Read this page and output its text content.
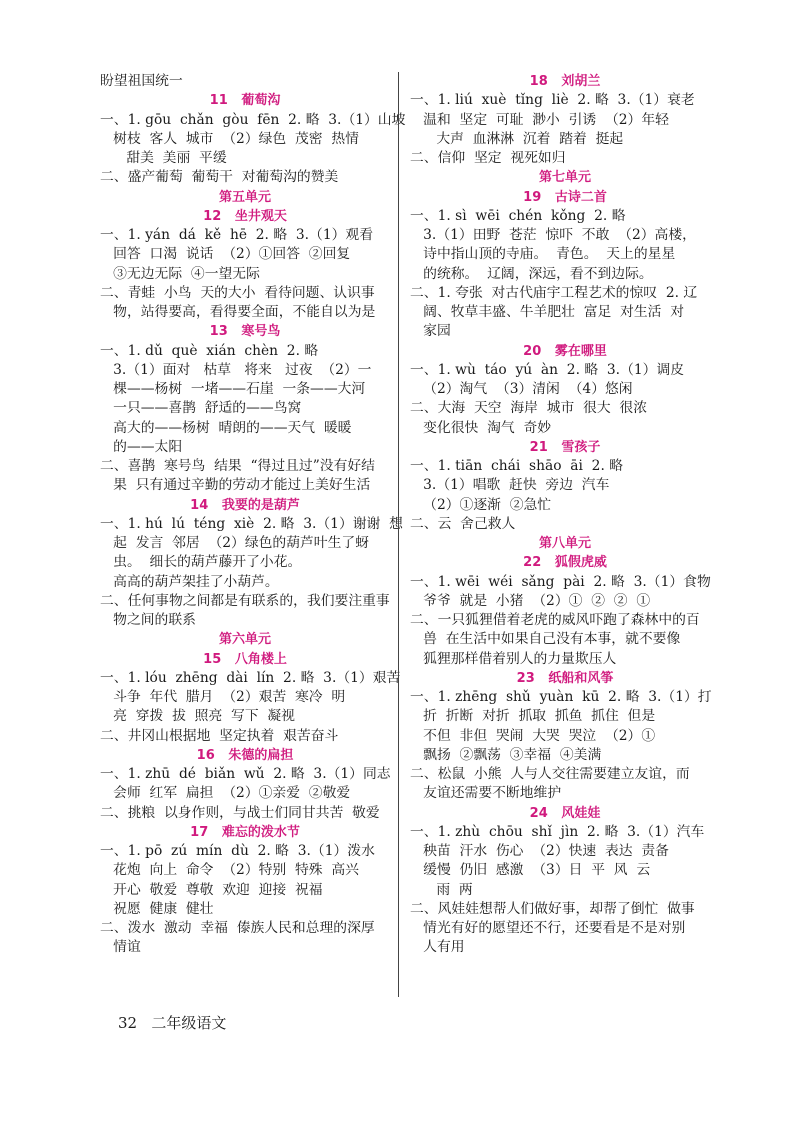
盼望祖国统一
11   葡萄沟
一、1. gōu  chǎn  gòu  fēn  2. 略  3.（1）山坡
树枝  客人  城市  （2）绿色  茂密  热情
甜美  美丽  平缓
二、盛产葡萄  葡萄干  对葡萄沟的赞美
第五单元
12   坐井观天
一、1. yán  dá  kě  hē  2. 略  3.（1）观看
回答  口渴  说话  （2）①回答  ②回复
③无边无际  ④一望无际
二、青蛙  小鸟  天的大小  看待问题、认识事
物，站得要高，看得要全面，不能自以为是
13   寒号鸟
一、1. dǔ  què  xián  chèn  2. 略
3.（1）面对   枯草   将来   过夜  （2）一
棵——杨树  一堵——石崖  一条——大河
一只——喜鹊  舒适的——鸟窝
高大的——杨树  晴朗的——天气  暖暖
的——太阳
二、喜鹊  寒号鸟  结果  “得过且过”没有好结
果  只有通过辛勤的劳动才能过上美好生活
14   我要的是葫芦
一、1. hú  lú  téng  xiè  2. 略  3.（1）谢谢  想
起  发言  邻居  （2）绿色的葫芦叶生了蚜
虫。  细长的葫芦藤开了小花。
高高的葫芦架挂了小葫芦。
二、任何事物之间都是有联系的，我们要注重事
物之间的联系
第六单元
15   八角楼上
一、1. lóu  zhēng  dài  lín  2. 略  3.（1）艰苦
斗争  年代  腊月  （2）艰苦  寒冷  明
亮  穿拨  拔  照亮  写下  凝视
二、井冈山根据地  坚定执着  艰苦奋斗
16   朱德的扁担
一、1. zhū  dé  biǎn  wǔ  2. 略  3.（1）同志
会师  红军  扁担  （2）①亲爱  ②敬爱
二、挑粮  以身作则，与战士们同甘共苦  敬爱
17   难忘的泼水节
一、1. pō  zú  mín  dù  2. 略  3.（1）泼水
花炮  向上  命令  （2）特别  特殊  高兴
开心  敬爱  尊敬  欢迎  迎接  祝福
祝愿  健康  健壮
二、泼水  激动  幸福  傣族人民和总理的深厚
情谊
18   刘胡兰
一、1. liú  xuè  tǐng  liè  2. 略  3.（1）衰老
温和  坚定  可耻  渺小  引诱  （2）年轻
大声  血淋淋  沉着  踏着  挺起
二、信仰  坚定  视死如归
第七单元
19   古诗二首
一、1. sì  wēi  chén  kǒng  2. 略
3.（1）田野  苍茫  惊吓  不敢  （2）高楼，
诗中指山顶的寺庙。  青色。  天上的星星
的统称。  辽阔，深远，看不到边际。
二、1. 夸张  对古代庙宇工程艺术的惊叹  2. 辽
阔、牧草丰盛、牛羊肥壮  富足  对生活  对
家园
20   雾在哪里
一、1. wù  táo  yú  àn  2. 略  3.（1）调皮
（2）淘气  （3）清闲  （4）悠闲
二、大海  天空  海岸  城市  很大  很浓
变化很快  淘气  奇妙
21   雪孩子
一、1. tiān  chái  shāo  āi  2. 略
3.（1）唱歌  赶快  旁边  汽车
（2）①逐渐  ②急忙
二、云  舍己救人
第八单元
22   狐假虎威
一、1. wēi  wéi  sǎng  pài  2. 略  3.（1）食物
爷爷  就是  小猪  （2）①  ②  ②  ①
二、一只狐狸借着老虎的威风吓跑了森林中的百
兽  在生活中如果自己没有本事，就不要像
狐狸那样借着别人的力量欺压人
23   纸船和风筝
一、1. zhēng  shǔ  yuàn  kū  2. 略  3.（1）打
折  折断  对折  抓取  抓鱼  抓住  但是
不但  非但  哭闹  大哭  哭泣  （2）①
飘扬  ②飘荡  ③幸福  ④美满
二、松鼠  小熊  人与人交往需要建立友谊，而
友谊还需要不断地维护
24   风娃娃
一、1. zhù  chōu  shǐ  jìn  2. 略  3.（1）汽车
秧苗  汗水  伤心  （2）快速  表达  责备
缓慢  仍旧  感激  （3）日  平  风  云
雨  两
二、风娃娃想帮人们做好事，却帮了倒忙  做事
情光有好的愿望还不行，还要看是不是对别
人有用
32 二年级语文
